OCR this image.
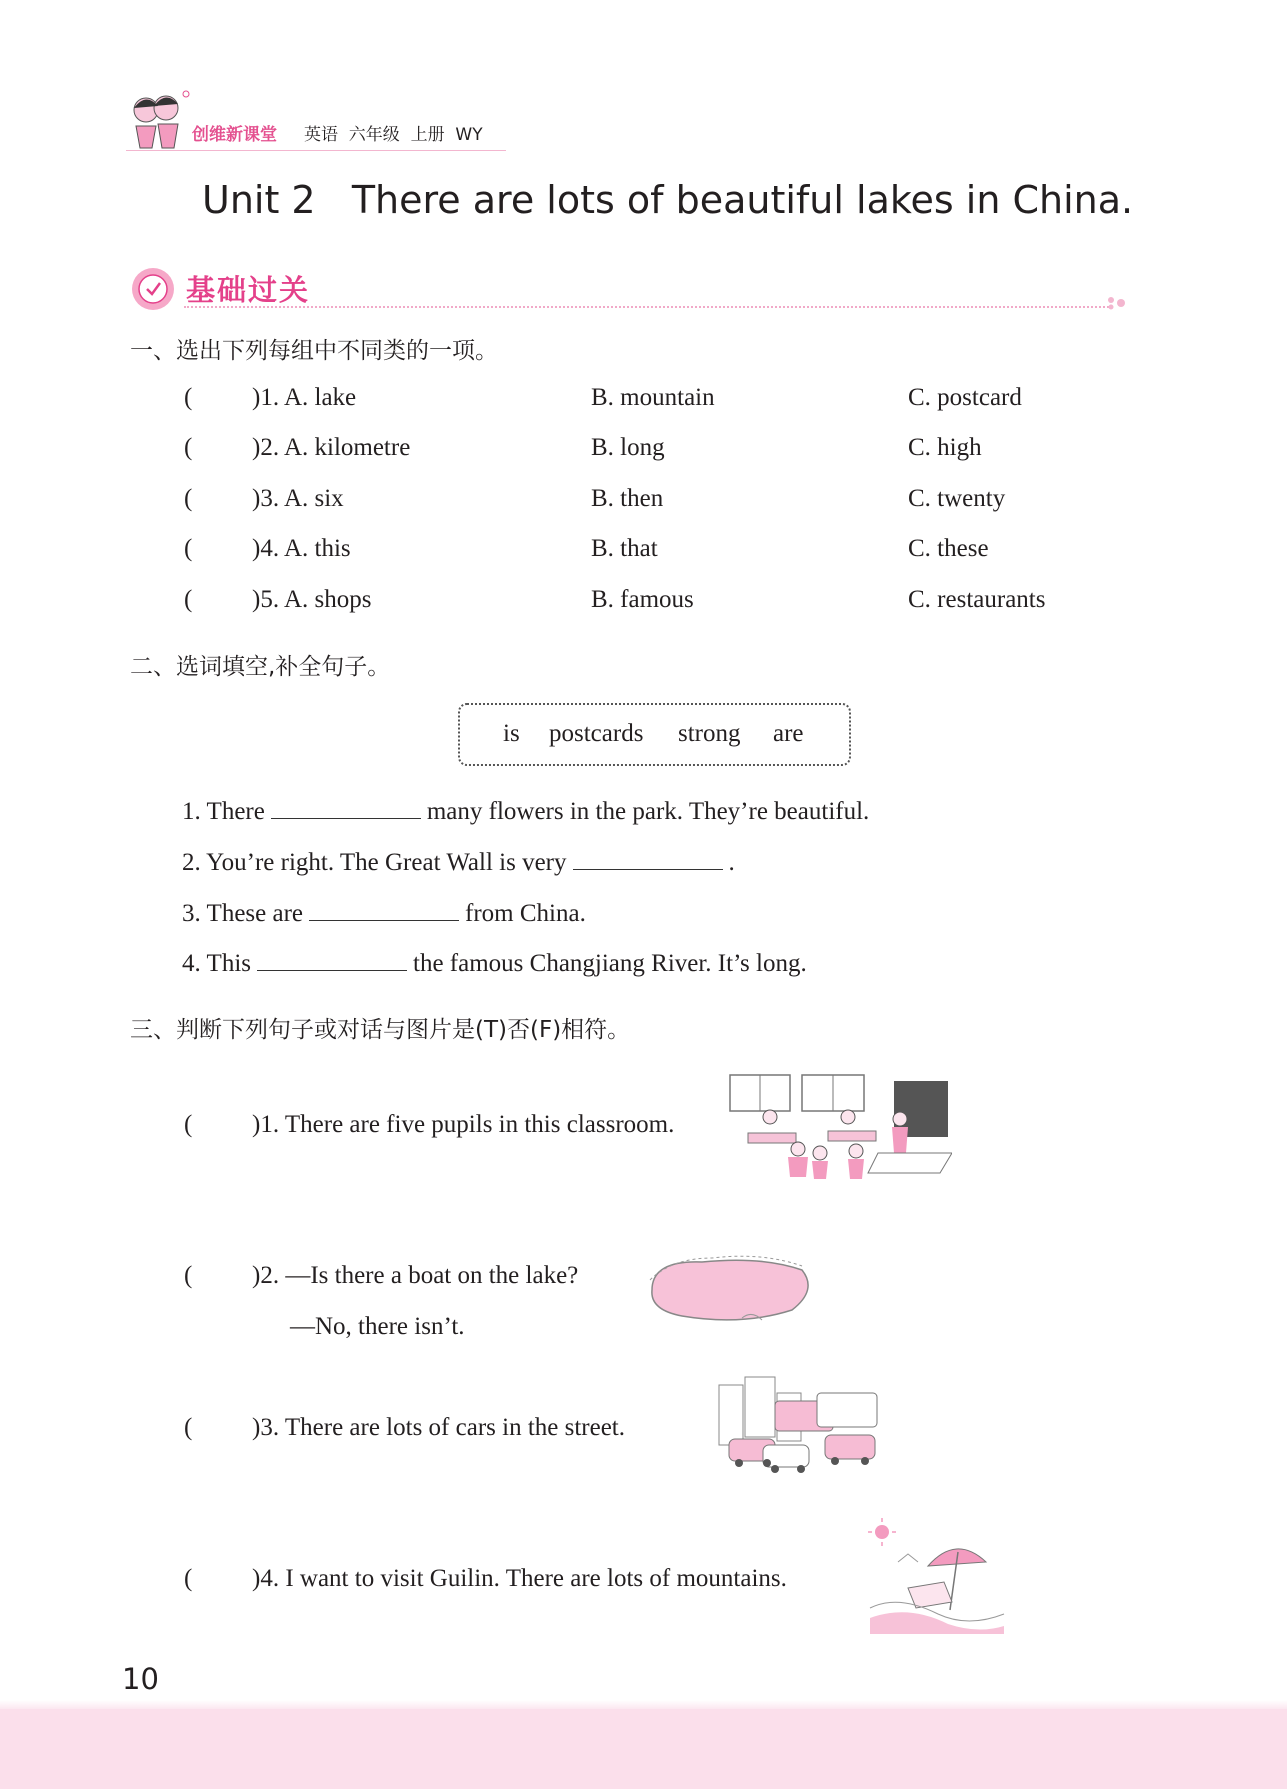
创维新课堂 英语  六年级  上册  WY
Unit 2   There are lots of beautiful lakes in China.
基础过关
一、选出下列每组中不同类的一项。
( )1. A. lake	B. mountain	C. postcard
( )2. A. kilometre	B. long	C. high
( )3. A. six	B. then	C. twenty
( )4. A. this	B. that	C. these
( )5. A. shops	B. famous	C. restaurants
二、选词填空,补全句子。
is postcards strong are
1. There	many flowers in the park. They’re beautiful.
2. You’re right. The Great Wall is very	.
3. These are	from China.
4. This	the famous Changjiang River. It’s long.
三、判断下列句子或对话与图片是(T)否(F)相符。
( )1. There are five pupils in this classroom.
( )2. —Is there a boat on the lake?
—No, there isn’t.
( )3. There are lots of cars in the street.
( )4. I want to visit Guilin. There are lots of mountains.
10
